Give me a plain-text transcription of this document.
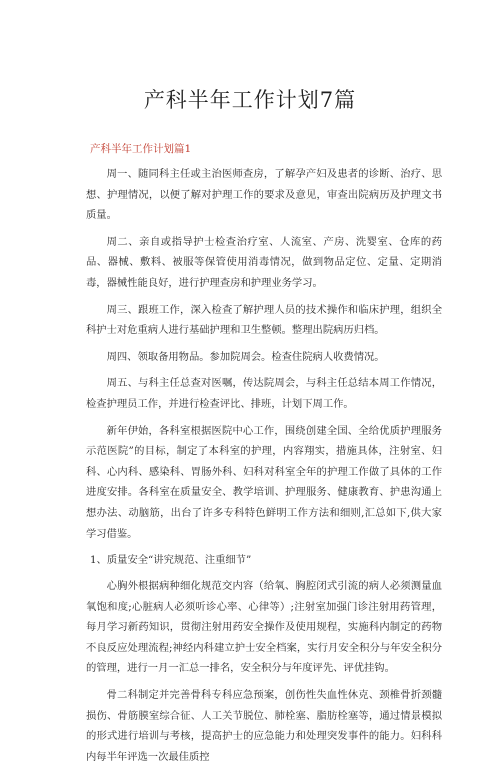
产科半年工作计划7篇
产科半年工作计划篇1

周一、随同科主任或主治医师查房，了解孕产妇及患者的诊断、治疗、思想、护理情况，以便了解对护理工作的要求及意见，审查出院病历及护理文书质量。

周二、亲自或指导护士检查治疗室、人流室、产房、洗婴室、仓库的药品、器械、敷料、被服等保管使用消毒情况，做到物品定位、定量、定期消毒，器械性能良好，进行护理查房和护理业务学习。

周三、跟班工作，深入检查了解护理人员的技术操作和临床护理，组织全科护士对危重病人进行基础护理和卫生整顿。整理出院病历归档。

周四、领取备用物品。参加院周会。检查住院病人收费情况。

周五、与科主任总查对医嘱，传达院周会，与科主任总结本周工作情况，检查护理员工作，并进行检查评比、排班，计划下周工作。

新年伊始，各科室根据医院中心工作，围绕创建全国、全给优质护理服务示范医院”的目标，制定了本科室的护理，内容翔实，措施具体，注射室、妇科、心内科、感染科、胃肠外科、妇科对科室全年的护理工作做了具体的工作进度安排。各科室在质量安全、教学培训、护理服务、健康教育、护患沟通上想办法、动脑筋，出台了许多专科特色鲜明工作方法和细则,汇总如下,供大家学习借鉴。

1、质量安全“讲究规范、注重细节”

心胸外根据病种细化规范交内容（给氧、胸腔闭式引流的病人必须测量血氧饱和度;心脏病人必须听诊心率、心律等）;注射室加强门诊注射用药管理，每月学习新药知识，贯彻注射用药安全操作及使用规程，实施科内制定的药物不良反应处理流程;神经内科建立护士安全档案，实行月安全积分与年安全积分的管理，进行一月一汇总一排名，安全积分与年度评先、评优挂钩。

骨二科制定并完善骨科专科应急预案，创伤性失血性休克、颈椎骨折颈髓损伤、骨筋膜室综合征、人工关节脱位、肺栓塞、脂肪栓塞等，通过情景模拟的形式进行培训与考核，提高护士的应急能力和处理突发事件的能力。妇科科内每半年评选一次最佳质控
